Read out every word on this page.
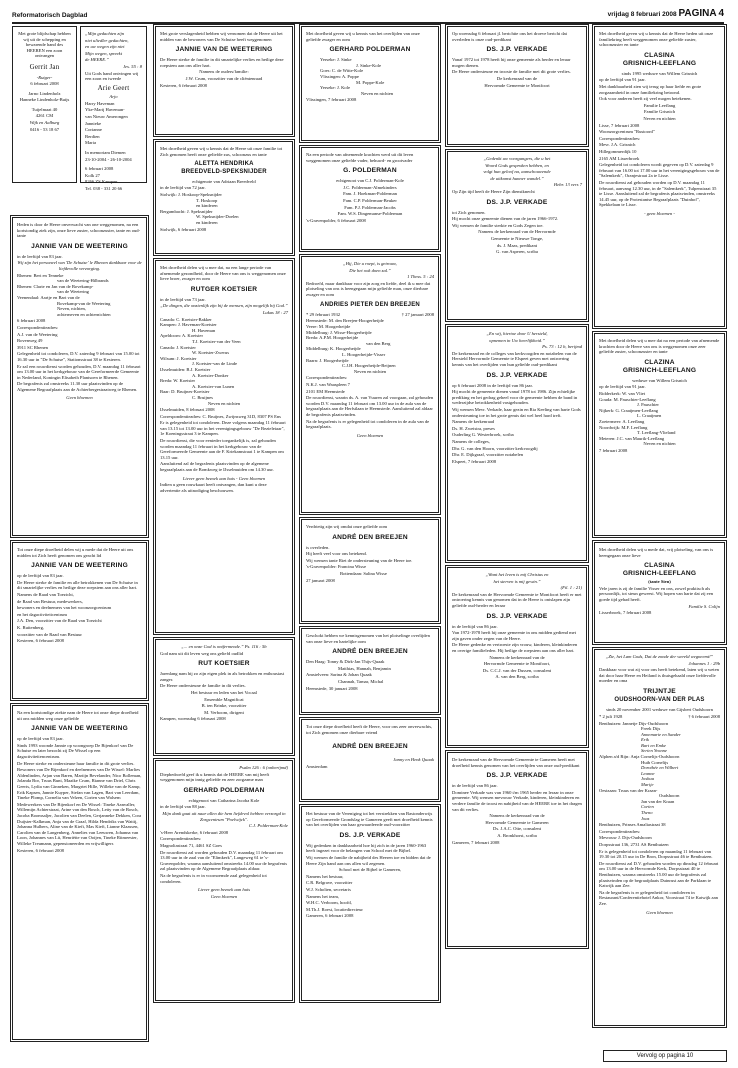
Reformatorisch Dagblad	vrijdag 8 februari 2008 PAGINA 4

Met grote blijdschap hebben wij uit de schepping en bewarende hand des HEEREN een zoon ontvangen

Gerrit Jan

-Rutger-

6 februari 2008

Jarno Lindenholz

Hanneke Lindenholz-Buijs

Tuijelmaat 40

4261 CM

Wijk en Aalburg

0416 - 53 18 67

„Mijn gedachten zijn

niet uliedler gedachten,

en uw wegen zijn niet

Mijn wegen, spreekt

de HEERE.”

Jes. 55 : 8

Uit Gods hand ontvingen wij een zoon en tweede

Arie Geert

Arjo

Harry Haveman

Yke-Marij Haveman-

van Nieuw Amerongen

Jannieke

Corianne

Berdien

Maria

In memoriam Diemen

23-10-2004 - 26-10-2004

6 februari 2008

Kolk 27

8266 ZS Kampen

Tel. 038 - 331 20 66

Heden is door de Heere onverwacht van one weggenomen, na een kortstondig ziek zijn, onze lieve zuster, schoonzuster, tante en oud-tante

JANNIE VAN DE WEETERING

in de leeftijd van 83 jaar.

Wij zijn het personeel van 'De Schutse' le Rhenen dankbaar voor de liefdevolle verzorging.

Rhenen: Bert en Tenneke
van de Weetering-Hilbrands
Rhenen: Clarie en Jan van de Bovekamp-
van de Weetering
Veenendaal: Aartje en Bart van de
Bovekamp-van de Weetering
Neven, nichten,
achterneven en achternichten

6 februari 2008

Correspondentieadres:

A.J. van de Weetering

Bovenweg 49

3911 SC Rhenen

Gelegenheid tot condoleren, D.V. zaterdag 9 februari van 15.00 tot 16.30 uur in "De Schutse", Stationsstraat 38 te Kesteren.

Er zal een rouwdienst worden gehouden, D.V. maandag 11 februari om 13.00 uur in het kerkgebouw van de Gereformeerde Gemeente in Nederland, Koningin Elisabeth Plantsoen te Rhenen.

De begrafenis zal omstreeks 11.30 uur plaatsvinden op de Algemene Begraafplaats aan de Achterbergestraatweg te Rhenen.

Geen bloemen

Tot onze diepe droefheid delen wij u mede dat de Heere uit ons midden tot Zich heeft genomen ons geacht lid

JANNIE VAN DE WEETERING

op de leeftijd van 83 jaar.

De Heere sterke de familie en alle betrokkenen van De Schutse in dit smartelijke verlies en heilige deze roepstem aan ons aller hart.

Namens de Raad van Toezicht,

de Raad van Bestuur, medewerkers,

bewoners en deelnemers van het woonzorgcentrum

en het dagactiviteitcentrum

J.A. Den, voorzitter van de Raad van Toezicht

K. Ruitenberg,

voorzitter van de Raad van Bestuur

Kesteren, 6 februari 2008

Na een kortstondige ziekte nam de Heere tot onze diepe droefheid uit ons midden weg onze geliefde

JANNIE VAN DE WEETERING

op de leeftijd van 83 jaar.

Sinds 1993 woonde Jannie op woongroep De Bijenkorf van De Schutse en later bezocht zij De Wissel op een dagactiviteitencentrum.

De Heere sterke en ondersteune haar familie in dit grote verlies.

Bewoners van De Bijenkorf en deelnemers van De Wissel: Marlies Aldenlinden, Arjan van Baren, Martijn Bevelander, Nico Bolleman, Jolanda Bor, Truus Bunt, Maaike Crum, Rianne van Driel, Chris Geerts, Lydia van Ginneken, Margriet Hille, Willeke van de Kamp, Erik Kapsen, Jannie Kuyper, Stefan van Lagen, Bart van Leerdam, Tineke Plomp, Cornelia van Velzen, Corien van Walsem

Medewerkers van De Bijenkorf en De Wissel: Tineke Aanvaller, Willemijn Achterstraat, Arine van den Bosch, Letty van de Bosch, Jacoba Boomsaljer, Jacolien van Deelen, Gerjanneke Dekken, Cora Duijster-Kalkman, Anja van de Graaf, Hilda Hendriks van Wattij, Johanna Hulbers, Aline van de Kieft, Mas Kieft, Lianne Klaassen, Carolien van de Langenberg, Annelies van Leeuwen, Johanna van Loon, Johannes van Lit, Henriëtte van Ooijen, Tineke Ritmeester, Willeke Treumann, gepensioneerden en vrijwilligers

Kesteren, 6 februari 2008

Met grote verslagenheid hebben wij vernomen dat de Heere uit het midden van de bewoners van De Schutse heeft weggenomen

JANNIE VAN DE WEETERING

De Heere sterke de familie in dit smartelijke verlies en heilige deze roepstem aan ons aller hart.

Namens de ouders/familie:

J.W. Crum, voorzitter van de cliëntenraad

Kesteren, 6 februari 2008

Met droefheid geven wij u kennis dat de Heere uit onze familie tot Zich genomen heeft onze geliefde zus, schoonzus en tante

ALETTA HENDRIKA
BREEDVELD-SPEKSNIJDER

echtgenote van Adriaan Breedveld

in de leeftijd van 72 jaar.

Stolwijk: J. Hoskoop-Speksnijder
T. Hoskoop
en kinderen
Bergambacht: J. Speksnijder
W. Speksnijder-Doelen
en kinderen

Stolwijk, 6 februari 2008

Met droefheid delen wij u mee dat, na een lange periode van afnemende gezondheid, door de Heere van ons is weggenomen onze lieve broer, zwager en oom

RUTGER KOETSIER

in de leeftijd van 73 jaar.

„De dingen, die onzienlijk zijn bij de mensen, zijn mogelijk bij God.”

Lukas 18 : 27

Canada: C. Koetsier-Bakker
Kampen: J. Haveman-Koetsier
H. Haveman
Apeldoorn: A. Koetsier
T.J. Koetsier-van der Veen
Canada: J. Koetsier
W. Koetsier-Zwerus
Wilsum: J. Koetsier
J. Koetsier-van de Linde
IJsselmuiden: B.J. Koetsier
A. Koetsier-Donker
Breda: W. Koetsier
A. Koetsier-van Lunen
Baar: D. Bruijnes-Koetsier
C. Bruijnes
Neven en nichten

IJsselmuiden, 8 februari 2008

Correspondentieadres: C. Bruijnes, Zwijnsweg 31D, 8307 PS Ens

Er is gelegenheid tot condoleren. Deze volgens maandag 11 februari van 13.15 tot 13.00 uur in het verenigingsgebouw "De Bezieleiaar", 1e Koeningsstraat 3 te Kampen.

De rouwdienst, die voor eenieder toegankelijk is, zal gehouden worden maandag 11 februari in het kerkgebouw van de Gereformeerde Gemeente aan de F. Kriekamstraat 1 te Kampen om 13.15 uur.

Aansluitend zal de begrafenis plaatsvinden op de algemene begraafplaats aan de Bomkweg te IJsselmuiden om 14.30 uur.

Liever geen bezoek aan huis - Geen bloemen

Indien u geen rouwkaart heeft ontvangen, dan kunt u deze advertentie als uitnodiging beschouwen.

„... en onze God is ontfermende.” Ps. 116 : 5b

God nam uit dit leven weg ons geliefd oudlid

RUT KOETSIER

Jarenlang nam hij zo zijn eigen plek in als betrokken en enthousiast zanger.

De Heere ondersteune de familie in dit verlies.

Het bestuur en leden van het Vocaal

Ensemble Magnificat

B. ten Brinke, voorzitter

M. Verboom, dirigent

Kampen, woensdag 6 februari 2008

Psalm 126 : 6 (onberijmd)

Diepbedroefd geef ik u kennis dat de HEERE van mij heeft weggenomen mijn innig geliefde en zeer zorgzame man

GERHARD POLDERMAN

echtgenoot van Catharina Jacoba Kole

in de leeftijd van 88 jaar.

Mijn dank gaat uit naar allen die hem liefdevol hebben verzorgd in Zorgcentrum "Poelwijck".

C.J. Polderman-Kole

's-Heer Arendskerke, 6 februari 2008

Correspondentieadres:

Magnoliastraat 71, 4461 SZ Goes

De rouwdienst zal worden gehouden D.V. maandag 11 februari om 13.00 uur in de zaal van de "Elimkerk", Langeweg 61 te 's-Gravenpolder, waarna aansluitend omstreeks 14.00 uur de begrafenis zal plaatsvinden op de Algemene Begraafplaats aldaar.

Na de begrafenis is er in voornoemde zaal gelegenheid tot condoleren.

Liever geen bezoek aan huis

Geen bloemen

Met droefheid geven wij u kennis van het overlijden van onze geliefde zwager en oom

GERHARD POLDERMAN
Yerseke: J. Sinke
J. Sinke-Kole
Goes: C. de Witte-Kole
Vlissingen: A. Poppe
M. Poppe-Kole
Yerseke: J. Kole
Neven en nichten

Vlissingen, 7 februari 2008

Na een periode van afnemende krachten werd uit dit leven weggenomen onze geliefde vader, behuwd- en grootvader

G. POLDERMAN

echtgenoot van C.J. Polderman-Kole

J.C. Polderman-Almekinders

Fam. J. Hoekman-Polderman

Fam. C.P. Polderman-Beuker

Fam. P.J. Polderman-Jacobs

Fam. W.S. Dingemanse-Polderman

's-Gravenpolder, 6 februari 2008

„Hij, Die u roept, is getrouw,

Die het ook doen zal.”

1 Thess. 5 : 24

Bedroefd, maar dankbaar voor zijn zorg en liefde, deel ik u mee dat plotseling van ons is heengegaan mijn geliefde man, onze dierbare zwager en oom

ANDRIES PIETER DEN BREEJEN

* 29 februari 1932	† 27 januari 2008

Heemstede: M. den Breejen-Hoogerheijde
Veere: M. Hoogerheijde
Middelburg: J. Wisse-Hoogerheijde
Breda: A.P.M. Hoogerheijde
van den Berg
Middelburg: K. Hoogerheijde
L. Hoogerheijde-Visser
Baarn: J. Hoogerheijde
C.J.H. Hoogerheijde-Beijnen
Neven en nichten

Correspondentieadres:

N.K.J. van Waaspleen 7

2101 EM Heemstede

De rouwdienst, waarin ds. A. van Vuuren zal voorgaan, zal gehouden worden D.V. maandag 11 februari om 13.00 uur in de aula van de begraafplaats aan de Herfstlaan te Heemstede. Aansluitend zal aldaar de begrafenis plaatsvinden.

Na de begrafenis is er gelegenheid tot condoleren in de aula van de begraafplaats.

Geen bloemen

Verdrietig zijn wij omdat onze geliefde oom

ANDRÉ DEN BREEJEN

is overleden.

Hij heeft veel voor ons betekend.

Wij wensen tante Riet de ondersteuning van de Heere toe.

's-Gravenpolder: Francina Wisse

Bottendaan: Salina Wisse

27 januari 2008

Geschokt hebben we kennisgenomen van het plotselinge overlijden van onze lieve en hartelijke oom

ANDRÉ DEN BREEJEN

Den Haag: Tonny & Dirk-Jan Thijs-Quaak

Matthias, Hannah, Benjamin

Amstelveen: Sarina & Johan Quaak

Channah, Tamar, Michal

Heemstede, 30 januari 2008

Tot onze diepe droefheid heeft de Heere, voor ons zeer onverwachts, tot Zich genomen onze dierbare vriend

ANDRÉ DEN BREEJEN

Janny en Henk Quaak

Amsterdam

Het bestuur van de Vereniging tot het verstrekken van Bastonderwijs op Gereformeerde Grondslag te Gameren geeft met droefheid kennis van het overlijden van haar gewaardeerde oud-voorzitter

DS. J.P. VERKADE

Wij gedenken in dankbaarheid hoe hij zich in de jaren 1960-1963 heeft ingezet voor de belangen van School met de Bijbel.

Wij wensen de familie de nabijheid des Heeren toe en bidden dat de Heere Zijn hand aan ons allen wil zegenen.

School met de Bijbel te Gameren,

Namens het bestuur,

C.R. Belgrave, voorzitter

W.J. Scholten, secretaris

Namens het team,

W.H.C. Verboom, hoofd,

M.Th.J. Roest, locatiedirecteur

Gameren, 6 februari 2008

Op woensdag 6 februari jl. berichtte ons het droeve bericht dat overleden is onze oud-predikant

DS. J.P. VERKADE

Vanaf 1972 tot 1978 heeft hij onze gemeente als herder en leraar mogen dienen.

De Heere ondersteune en trooste de familie met dit grote verlies.

De kerkenraad van de

Hervormde Gemeente te Montfoort

„Gedenkt uw voorgangers, die u het

Woord Gods gesproken hebben, en

volgt hun geloof na, aanschouwende

de uitkomst hunner wandel.”

Hebr. 13 vers 7

Op Zijn tijd heeft de Heere Zijn dienstknecht

DS. J.P. VERKADE

tot Zich genomen.

Hij mocht onze gemeente dienen van de jaren 1966-1972.

Wij wensen de familie sterkte en Gods Zegen toe.

Namens de kerkenraad van de Hervormde

Gemeente te Nieuwe Tonge,

ds. J. Maas, predikant

G. van Asperen, scriba

„En wij, hiertoe door U hersteld,

opnemen in Uw heerlijkheid.”

Ps. 73 : 12 b, berijmd

De kerkenraad en de colleges van kerkvoogden en notabelen van de Hersteld Hervormde Gemeente te Elspeet geven met ontroering kennis van het overlijden van hun geliefde oud-predikant

DS. J.P. VERKADE

op 6 februari 2008 in de leeftijd van 86 jaar.

Hij mocht de gemeente dienen vanaf 1978 tot 1986. Zijn echtelijke prediking en het gedrag geheel voor de gemeente hebben de band in wederzijdse betrokkenheid vastgehouden.

Wij wensen Mevr. Verkade, haar gezin en Ria Keeling van harte Gods ondersteuning toe in het grote gemis dat wel heel hard treft.

Namens de kerkenraad

Ds. H. Zweistra, preses

Ouderling G. Westerbroek, scriba

Namens de colleges,

Dhr. G. van den Hoorn, voorzitter kerkvoogdij

Dhr. E. Dijkgraaf, voorzitter notabelen

Elspeet, 7 februari 2008

„Want het leven is mij Christus en

het sterven is mij gewin.”

(Fil. 1 : 21)

De kerkenraad van de Hervormde Gemeente te Montfoort heeft er met ontroering kennis van genomen dat in de Heere is ontslapen zijn geliefde oud-herder en leraar

DS. J.P. VERKADE

in de leeftijd van 86 jaar.

Van 1972-1978 heeft hij onze gemeente in ons midden gediend met zijn gaven onder zegen van de Heere.

De Heere gedenke en vertroeste zijn vrouw, kinderen, kleinkinderen en overige familieleden. Hij heilige de roepstem aan ons aller hart.

Namens de kerkenraad van de

Hervormde Gemeente te Montfoort,

Ds. C.C.J. van der Dussen, consulent

A. van den Berg, scriba

De kerkenraad van de Hervormde Gemeente te Gameren heeft met droefheid kennis genomen van het overlijden van onze oud-predikant

DS. J.P. VERKADE

in de leeftijd van 86 jaar.

Dominee Verkade was van 1960 t/m 1965 herder en leraar in onze gemeente. Wij wensen mevrouw Verkade, kinderen, kleinkinderen en verdere familie de troost en nabijheid van de HEERE toe in het dragen van dit verlies.

Namens de kerkenraad van de

Hervormde Gemeente te Gameren

Ds. J.A.C. Otte, consulent

A. Bronkhorst, scriba

Gameren, 7 februari 2008

Met droefheid geven wij u kennis dat de Heere heden uit onze familiekring heeft weggenomen onze geliefde zuster, schoonzuster en tante

CLASINA
GRISNICH-LEEFLANG

sinds 1995 weduwe van Willem Grisnich

op de leeftijd van 91 jaar.

Met dankbaarheid zien wij terug op haar liefde en grote zorgzaamheid in onze familiekring betoond.

Ook voor anderen heeft zij veel mogen betekenen.

Familie Leeflang

Familie Grisnich

Neven en nichten

Lisse, 7 februari 2008

Woonzorgcentrum "Rustoord"

Correspondentieadres:

Mevr. J.A. Grisnich

Hillegommerdijk 10

2165 AM Lisserbroek

Gelegenheid tot condoleren wordt gegeven op D.V. zaterdag 9 februari van 16.00 tot 17.00 uur in het verenigingsgebouw van de "Salemkerk", Oranjestraat 2a te Lisse.

De rouwdienst zal gehouden worden op D.V. maandag 11 februari, aanvang 12.30 uur, in de "Salemkerk", Tulpenstraat 35 te Lisse. Aansluitend zal de begrafenis plaatsvinden, omstreeks 14.45 uur, op de Protestantse Begraafplaats "Duinhof", Spekkelaan te Lisse.

- geen bloemen -

Met droefheid delen wij u mee dat na een periode van afnemende krachten door de Heere van ons is weggenomen onze zeer geliefde zuster, schoonzuster en tante

CLAZINA
GRISNICH-LEEFLANG

weduwe van Willem Grisnich

op de leeftijd van 91 jaar.

Ridderkerk: W. van Vliet
Gouda: M. Pauschier-Leeflang
J. Pauschier
Nijkerk: G. Craaijmen-Leeflang
L. Craaijmen
Zoetermeer: A. Leeflang
Noordwijk: M.F. Leeflang
T. Leeflang-Vlieland
Meteren: J.C. van Maurik-Leeflang
Neven en nichten

7 februari 2008

Met droefheid delen wij u mede dat, vrij plotseling, van ons is heengegaan onze lieve

CLASINA
GRISNICH-LEEFLANG

(tante Sien)

Vele jaren is zij de familie Visser en ons, zowel praktisch als persoonlijk, tot steun geweest. Wij hopen van harte dat zij een goede tijd gehad heeft.

Familie S. Colijn

Lisserbroek, 7 februari 2008

„Zie, het Lam Gods, Dat de zonde der wereld wegneemt!”

Johannes 1 : 29b

Dankbaar voor wat zij voor ons heeft betekend, laten wij u weten dat door haar Heere en Heiland is thuisgehaald onze liefdevolle moeder en oma

TRIJNTJE
OUDSHOORN-VAN DER PLAS

sinds 20 november 2001 weduwe van Gijsbert Oudshoorn

* 2 juli 1928	† 6 februari 2008

Benthuizen: Jannetje Dijs-Oudshoorn
Freek Dijs
Annemarie en Sander
Erik
Bart en Emke
Serien Yvonne
Alphen a/d Rijn: Anja Cornelijs-Oudshoorn
Huib Cornelijs
Dorothée en Wilbert
Leanne
Joshua
Marije
Oestzaan: Truus van der Kraan-
Oudshoorn
Jan van der Kraan
Corien
Theno
Joas

Benthuizen, Prinses Amaliastraat 38

Correspondentieadres:

Mevrouw J. Dijs-Oudshoorn

Dorpsstraat 136, 2731 AS Benthuizen

Er is gelegenheid tot condoleren op maandag 11 februari van 19.30 tot 20.15 uur in De Bron, Dorpsstraat 46 te Benthuizen.

De rouwdienst zal D.V. gehouden worden op dinsdag 12 februari om 13.00 uur in de Hervormde Kerk, Dorpsstraat 40 te Benthuizen, waarna omstreeks 15.00 uur de begrafenis zal plaatsvinden op de begraafplaats Duinrust aan de Parklaan te Katwijk aan Zee.

Na de begrafenis is er gelegenheid tot condoleren in Restaurant/Conferentiehotel Ankor, Voorstraat 74 te Katwijk aan Zee.

Geen bloemen

Vervolg op pagina 10
